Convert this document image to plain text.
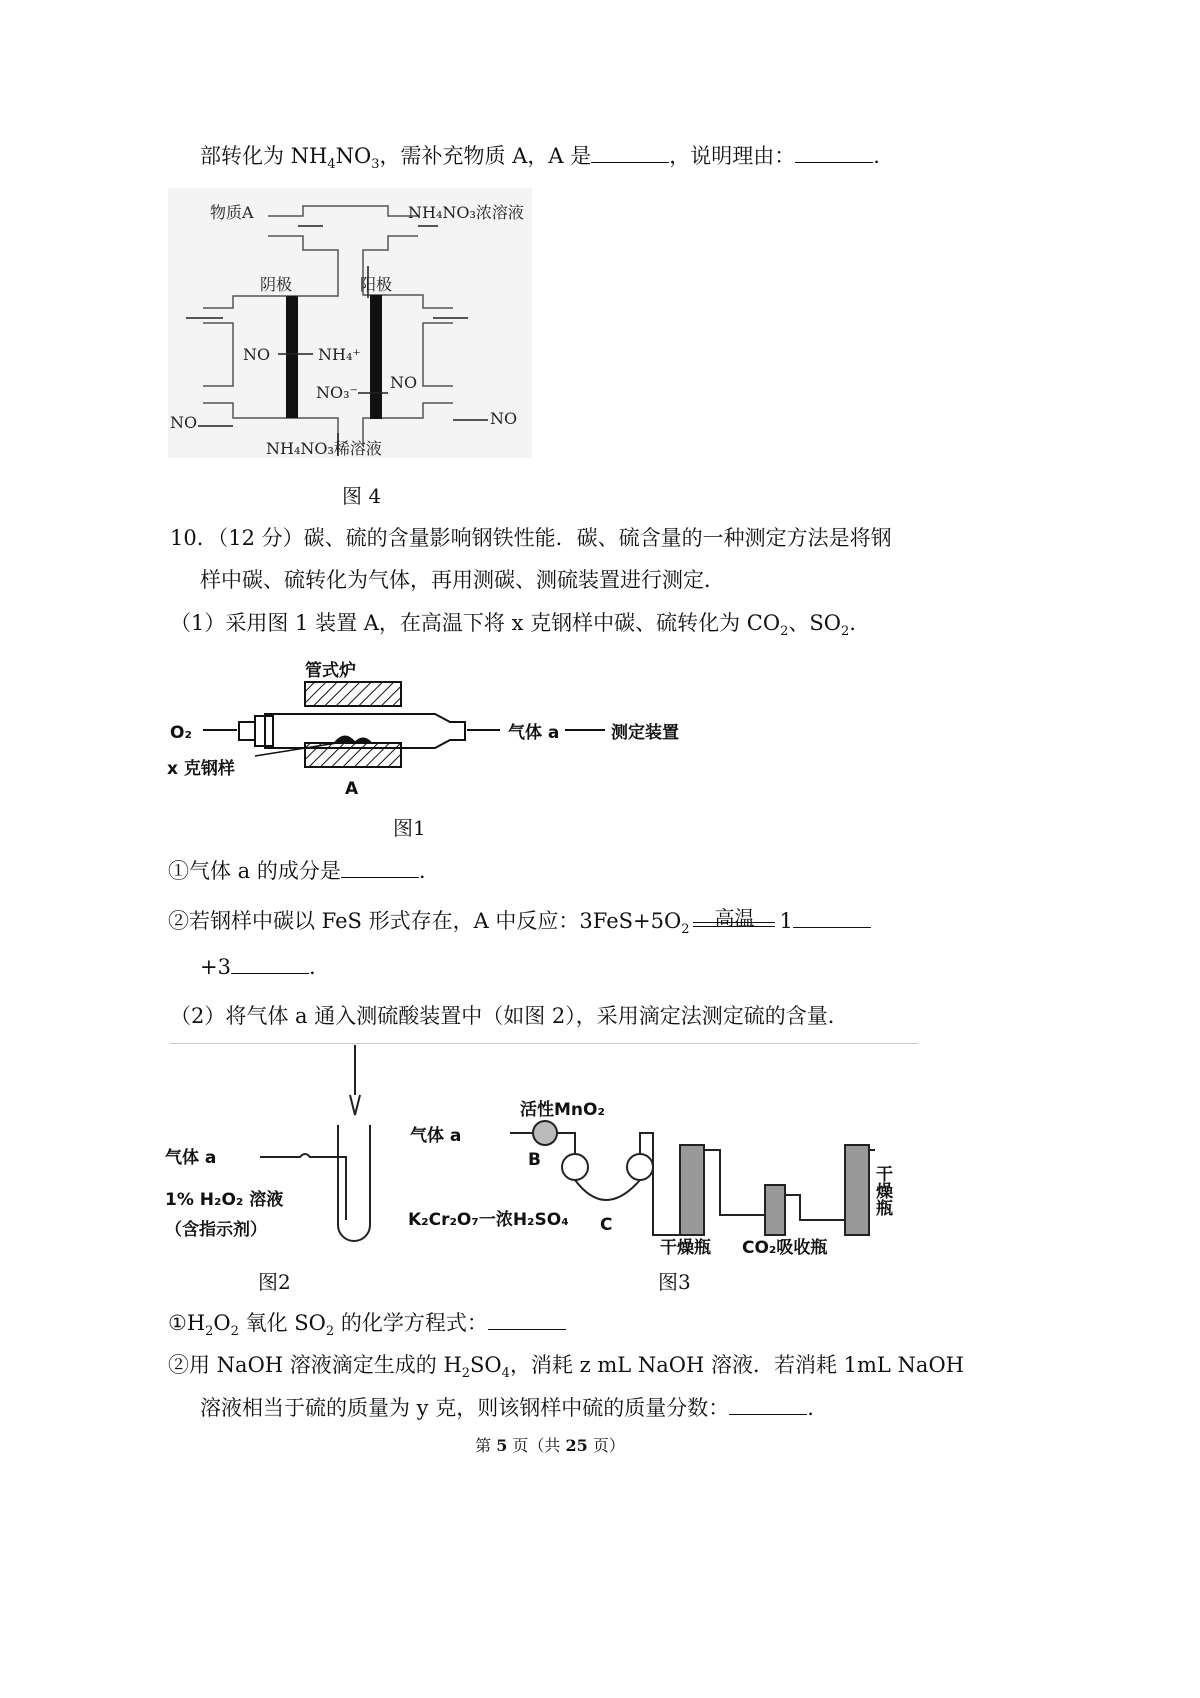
部转化为 $NH_4NO_3$，需补充物质 A，A 是	，说明理由：	.
物质A	NH₄NO₃浓溶液
阴极	阳极
NO	NH₄⁺
NO₃⁻
NO
NO	NO
NH₄NO₃稀溶液
图 4
10．（12 分）碳、硫的含量影响钢铁性能．碳、硫含量的一种测定方法是将钢
样中碳、硫转化为气体，再用测碳、测硫装置进行测定．
（1）采用图 1 装置 A，在高温下将 x 克钢样中碳、硫转化为 $CO_2$、$SO_2$.
管式炉
O₂
x 克钢样
A
气体 a	测定装置
图1
①气体 a 的成分是	.
②若钢样中碳以 FeS 形式存在，A 中反应：$3FeS+5O_2$	高温	1
+3	.
（2）将气体 a 通入测硫酸装置中（如图 2），采用滴定法测定硫的含量．
气体 a
1% H₂O₂ 溶液
（含指示剂）
活性MnO₂
气体 a
B
C
K₂Cr₂O₇一浓H₂SO₄
干燥瓶 CO₂吸收瓶
干燥瓶
图2	图3
$①H_2O_2$ 氧化 $SO_2$ 的化学方程式：
②用 NaOH 溶液滴定生成的 $H_2SO_4$，消耗 z mL NaOH 溶液．若消耗 1mL NaOH
溶液相当于硫的质量为 y 克，则该钢样中硫的质量分数：	.
第 5 页（共 25 页）
